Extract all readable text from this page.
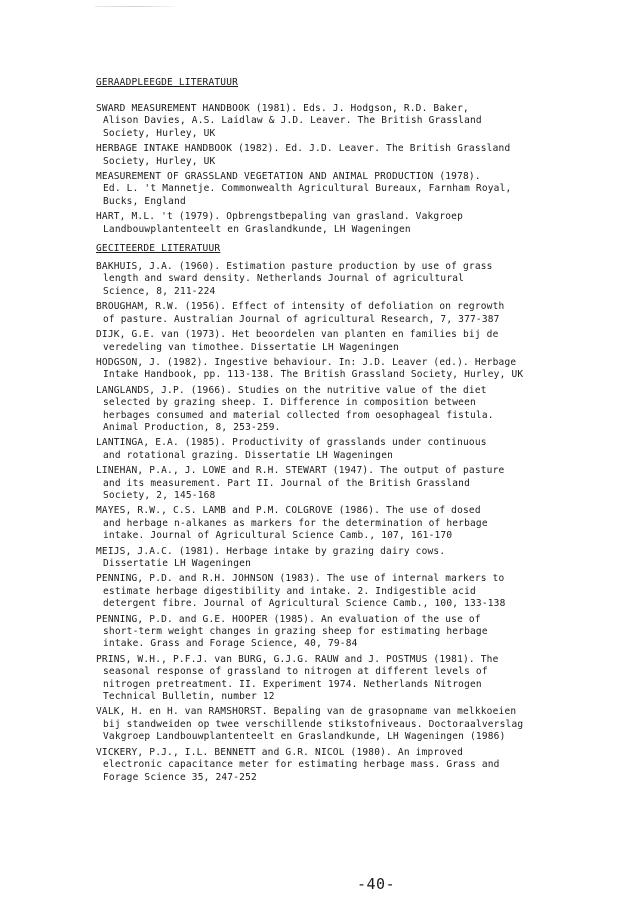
GERAADPLEEGDE LITERATUUR
SWARD MEASUREMENT HANDBOOK (1981). Eds. J. Hodgson, R.D. Baker,
Alison Davies, A.S. Laidlaw & J.D. Leaver. The British Grassland
Society, Hurley, UK
HERBAGE INTAKE HANDBOOK (1982). Ed. J.D. Leaver. The British Grassland
Society, Hurley, UK
MEASUREMENT OF GRASSLAND VEGETATION AND ANIMAL PRODUCTION (1978).
Ed. L. 't Mannetje. Commonwealth Agricultural Bureaux, Farnham Royal,
Bucks, England
HART, M.L. 't (1979). Opbrengstbepaling van grasland. Vakgroep
Landbouwplantenteelt en Graslandkunde, LH Wageningen
GECITEERDE LITERATUUR
BAKHUIS, J.A. (1960). Estimation pasture production by use of grass
length and sward density. Netherlands Journal of agricultural
Science, 8, 211-224
BROUGHAM, R.W. (1956). Effect of intensity of defoliation on regrowth
of pasture. Australian Journal of agricultural Research, 7, 377-387
DIJK, G.E. van (1973). Het beoordelen van planten en families bij de
veredeling van timothee. Dissertatie LH Wageningen
HODGSON, J. (1982). Ingestive behaviour. In: J.D. Leaver (ed.). Herbage
Intake Handbook, pp. 113-138. The British Grassland Society, Hurley, UK
LANGLANDS, J.P. (1966). Studies on the nutritive value of the diet
selected by grazing sheep. I. Difference in composition between
herbages consumed and material collected from oesophageal fistula.
Animal Production, 8, 253-259.
LANTINGA, E.A. (1985). Productivity of grasslands under continuous
and rotational grazing. Dissertatie LH Wageningen
LINEHAN, P.A., J. LOWE and R.H. STEWART (1947). The output of pasture
and its measurement. Part II. Journal of the British Grassland
Society, 2, 145-168
MAYES, R.W., C.S. LAMB and P.M. COLGROVE (1986). The use of dosed
and herbage n-alkanes as markers for the determination of herbage
intake. Journal of Agricultural Science Camb., 107, 161-170
MEIJS, J.A.C. (1981). Herbage intake by grazing dairy cows.
Dissertatie LH Wageningen
PENNING, P.D. and R.H. JOHNSON (1983). The use of internal markers to
estimate herbage digestibility and intake. 2. Indigestible acid
detergent fibre. Journal of Agricultural Science Camb., 100, 133-138
PENNING, P.D. and G.E. HOOPER (1985). An evaluation of the use of
short-term weight changes in grazing sheep for estimating herbage
intake. Grass and Forage Science, 40, 79-84
PRINS, W.H., P.F.J. van BURG, G.J.G. RAUW and J. POSTMUS (1981). The
seasonal response of grassland to nitrogen at different levels of
nitrogen pretreatment. II. Experiment 1974. Netherlands Nitrogen
Technical Bulletin, number 12
VALK, H. en H. van RAMSHORST. Bepaling van de grasopname van melkkoeien
bij standweiden op twee verschillende stikstofniveaus. Doctoraalverslag
Vakgroep Landbouwplantenteelt en Graslandkunde, LH Wageningen (1986)
VICKERY, P.J., I.L. BENNETT and G.R. NICOL (1980). An improved
electronic capacitance meter for estimating herbage mass. Grass and
Forage Science 35, 247-252
-40-
